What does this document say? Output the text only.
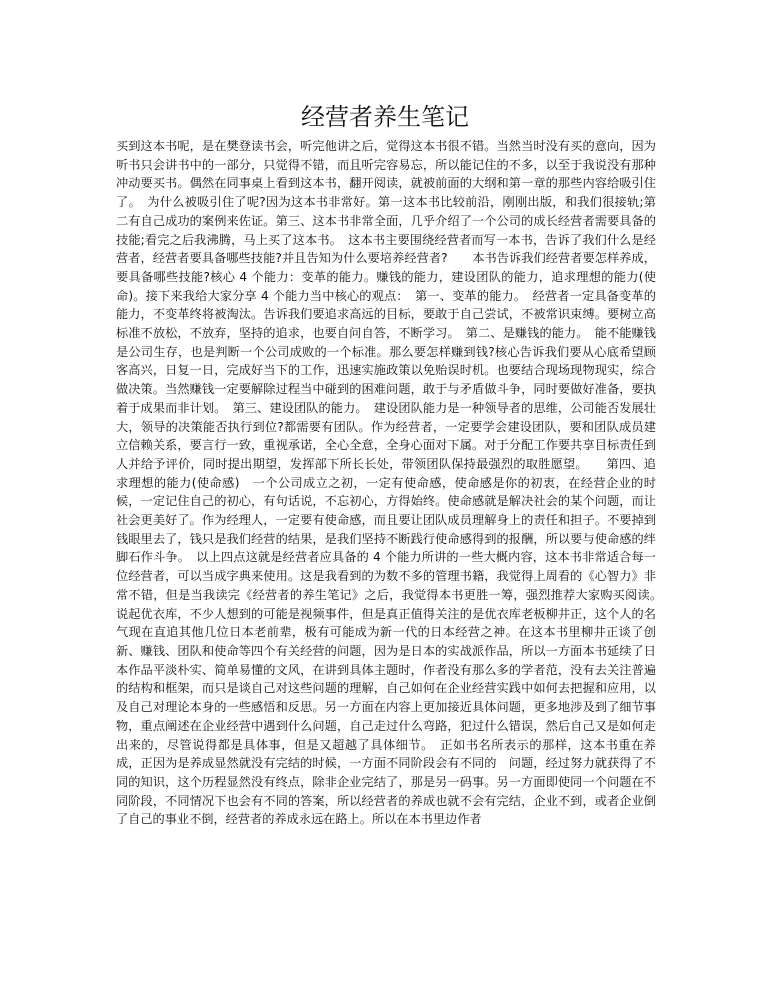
经营者养生笔记

买到这本书呢，是在樊登读书会，听完他讲之后，觉得这本书很不错。当然当时没有买的意向，因为听书只会讲书中的一部分，只觉得不错，而且听完容易忘，所以能记住的不多，以至于我说没有那种冲动要买书。偶然在同事桌上看到这本书，翻开阅读，就被前面的大纲和第一章的那些内容给吸引住了。　为什么被吸引住了呢?因为这本书非常好。第一这本书比较前沿，刚刚出版，和我们很接轨;第二有自己成功的案例来佐证。第三、这本书非常全面，几乎介绍了一个公司的成长经营者需要具备的技能;看完之后我沸腾，马上买了这本书。　这本书主要围绕经营者而写一本书，告诉了我们什么是经营者，经营者要具备哪些技能?并且告知为什么要培养经营者?　　本书告诉我们经营者要怎样养成，要具备哪些技能?核心 4 个能力：变革的能力。赚钱的能力，建设团队的能力，追求理想的能力(使命)。接下来我给大家分享 4 个能力当中核心的观点：　第一、变革的能力。　经营者一定具备变革的能力，不变革终将被淘汰。告诉我们要追求高远的目标，要敢于自己尝试，不被常识束缚。要树立高标准不放松，不放弃，坚持的追求，也要自问自答，不断学习。　第二、是赚钱的能力。　能不能赚钱是公司生存，也是判断一个公司成败的一个标准。那么要怎样赚到钱?核心告诉我们要从心底希望顾客高兴，日复一日，完成好当下的工作，迅速实施政策以免贻误时机。也要结合现场现物现实，综合做决策。当然赚钱一定要解除过程当中碰到的困难问题，敢于与矛盾做斗争，同时要做好准备，要执着于成果而非计划。　第三、建设团队的能力。　建设团队能力是一种领导者的思维，公司能否发展壮大，领导的决策能否执行到位?都需要有团队。作为经营者，一定要学会建设团队，要和团队成员建立信赖关系，要言行一致，重视承诺，全心全意，全身心面对下属。对于分配工作要共享目标责任到人并给予评价，同时提出期望，发挥部下所长长处，带领团队保持最强烈的取胜愿望。　　第四、追求理想的能力(使命感)　一个公司成立之初，一定有使命感，使命感是你的初衷，在经营企业的时候，一定记住自己的初心，有句话说，不忘初心，方得始终。使命感就是解决社会的某个问题，而让社会更美好了。作为经理人，一定要有使命感，而且要让团队成员理解身上的责任和担子。不要掉到钱眼里去了，钱只是我们经营的结果，是我们坚持不断践行使命感得到的报酬，所以要与使命感的绊脚石作斗争。　以上四点这就是经营者应具备的 4 个能力所讲的一些大概内容，这本书非常适合每一位经营者，可以当成字典来使用。这是我看到的为数不多的管理书籍，我觉得上周看的《心智力》非常不错，但是当我读完《经营者的养生笔记》之后，我觉得本书更胜一筹，强烈推荐大家购买阅读。　说起优衣库，不少人想到的可能是视频事件，但是真正值得关注的是优衣库老板柳井正，这个人的名气现在直追其他几位日本老前辈，极有可能成为新一代的日本经营之神。在这本书里柳井正谈了创新、赚钱、团队和使命等四个有关经营的问题，因为是日本的实战派作品，所以一方面本书延续了日本作品平淡朴实、简单易懂的文风，在讲到具体主题时，作者没有那么多的学者范，没有去关注普遍的结构和框架，而只是谈自己对这些问题的理解，自己如何在企业经营实践中如何去把握和应用，以及自己对理论本身的一些感悟和反思。另一方面在内容上更加接近具体问题，更多地涉及到了细节事物，重点阐述在企业经营中遇到什么问题，自己走过什么弯路，犯过什么错误，然后自己又是如何走出来的，尽管说得都是具体事，但是又超越了具体细节。　正如书名所表示的那样，这本书重在养成，正因为是养成显然就没有完结的时候，一方面不同阶段会有不同的　问题，经过努力就获得了不同的知识，这个历程显然没有终点，除非企业完结了，那是另一码事。另一方面即使同一个问题在不同阶段，不同情况下也会有不同的答案，所以经营者的养成也就不会有完结，企业不到，或者企业倒了自己的事业不倒，经营者的养成永远在路上。所以在本书里边作者
